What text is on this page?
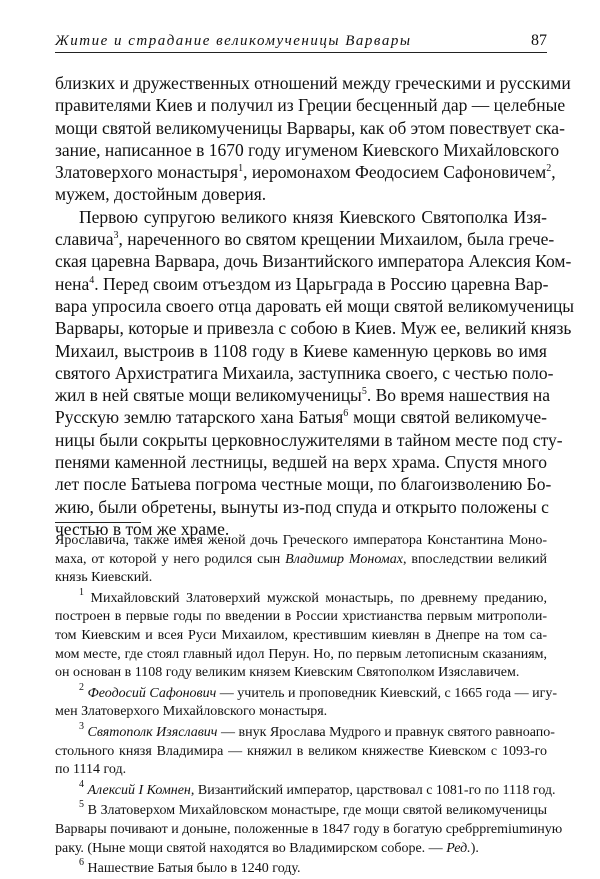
Житие и страдание великомученицы Варвары	87
близких и дружественных отношений между греческими и русскими
правителями Киев и получил из Греции бесценный дар — целебные
мощи святой великомученицы Варвары, как об этом повествует ска-
зание, написанное в 1670 году игуменом Киевского Михайловского
Златоверхого монастыря$^1$, иеромонахом Феодосием Сафоновичем$^2$,
мужем, достойным доверия.
Первою супругою великого князя Киевского Святополка Изя-
славича$^3$, нареченного во святом крещении Михаилом, была грече-
ская царевна Варвара, дочь Византийского императора Алексия Ком-
нена$^4$. Перед своим отъездом из Царьграда в Россию царевна Вар-
вара упросила своего отца даровать ей мощи святой великомученицы
Варвары, которые и привезла с собою в Киев. Муж ее, великий князь
Михаил, выстроив в 1108 году в Киеве каменную церковь во имя
святого Архистратига Михаила, заступника своего, с честью поло-
жил в ней святые мощи великомученицы$^5$. Во время нашествия на
Русскую землю татарского хана Батыя$^6$ мощи святой великомуче-
ницы были сокрыты церковнослужителями в тайном месте под сту-
пенями каменной лестницы, ведшей на верх храма. Спустя много
лет после Батыева погрома честные мощи, по благоизволению Бо-
жию, были обретены, вынуты из-под спуда и открыто положены с
честью в том же храме.
Ярославича, также имея женой дочь Греческого императора Константина Моно-
маха, от которой у него родился сын Владимир Мономах, впоследствии великий
князь Киевский.
$^1$ Михайловский Златоверхий мужской монастырь, по древнему преданию,
построен в первые годы по введении в России христианства первым митрополи-
том Киевским и всея Руси Михаилом, крестившим киевлян в Днепре на том са-
мом месте, где стоял главный идол Перун. Но, по первым летописным сказаниям,
он основан в 1108 году великим князем Киевским Святополком Изяславичем.
$^2$ Феодосий Сафонович — учитель и проповедник Киевский, с 1665 года — игу-
мен Златоверхого Михайловского монастыря.
$^3$ Святополк Изяславич — внук Ярослава Мудрого и правнук святого равноапо-
стольного князя Владимира — княжил в великом княжестве Киевском с 1093-го
по 1114 год.
$^4$ Алексий I Комнен, Византийский император, царствовал с 1081-го по 1118 год.
$^5$ В Златоверхом Михайловском монастыре, где мощи святой великомученицы
Варвары почивают и доныне, положенные в 1847 году в богатую сребрpremiumиную
раку. (Ныне мощи святой находятся во Владимирском соборе. — Ред.).
$^6$ Нашествие Батыя было в 1240 году.
